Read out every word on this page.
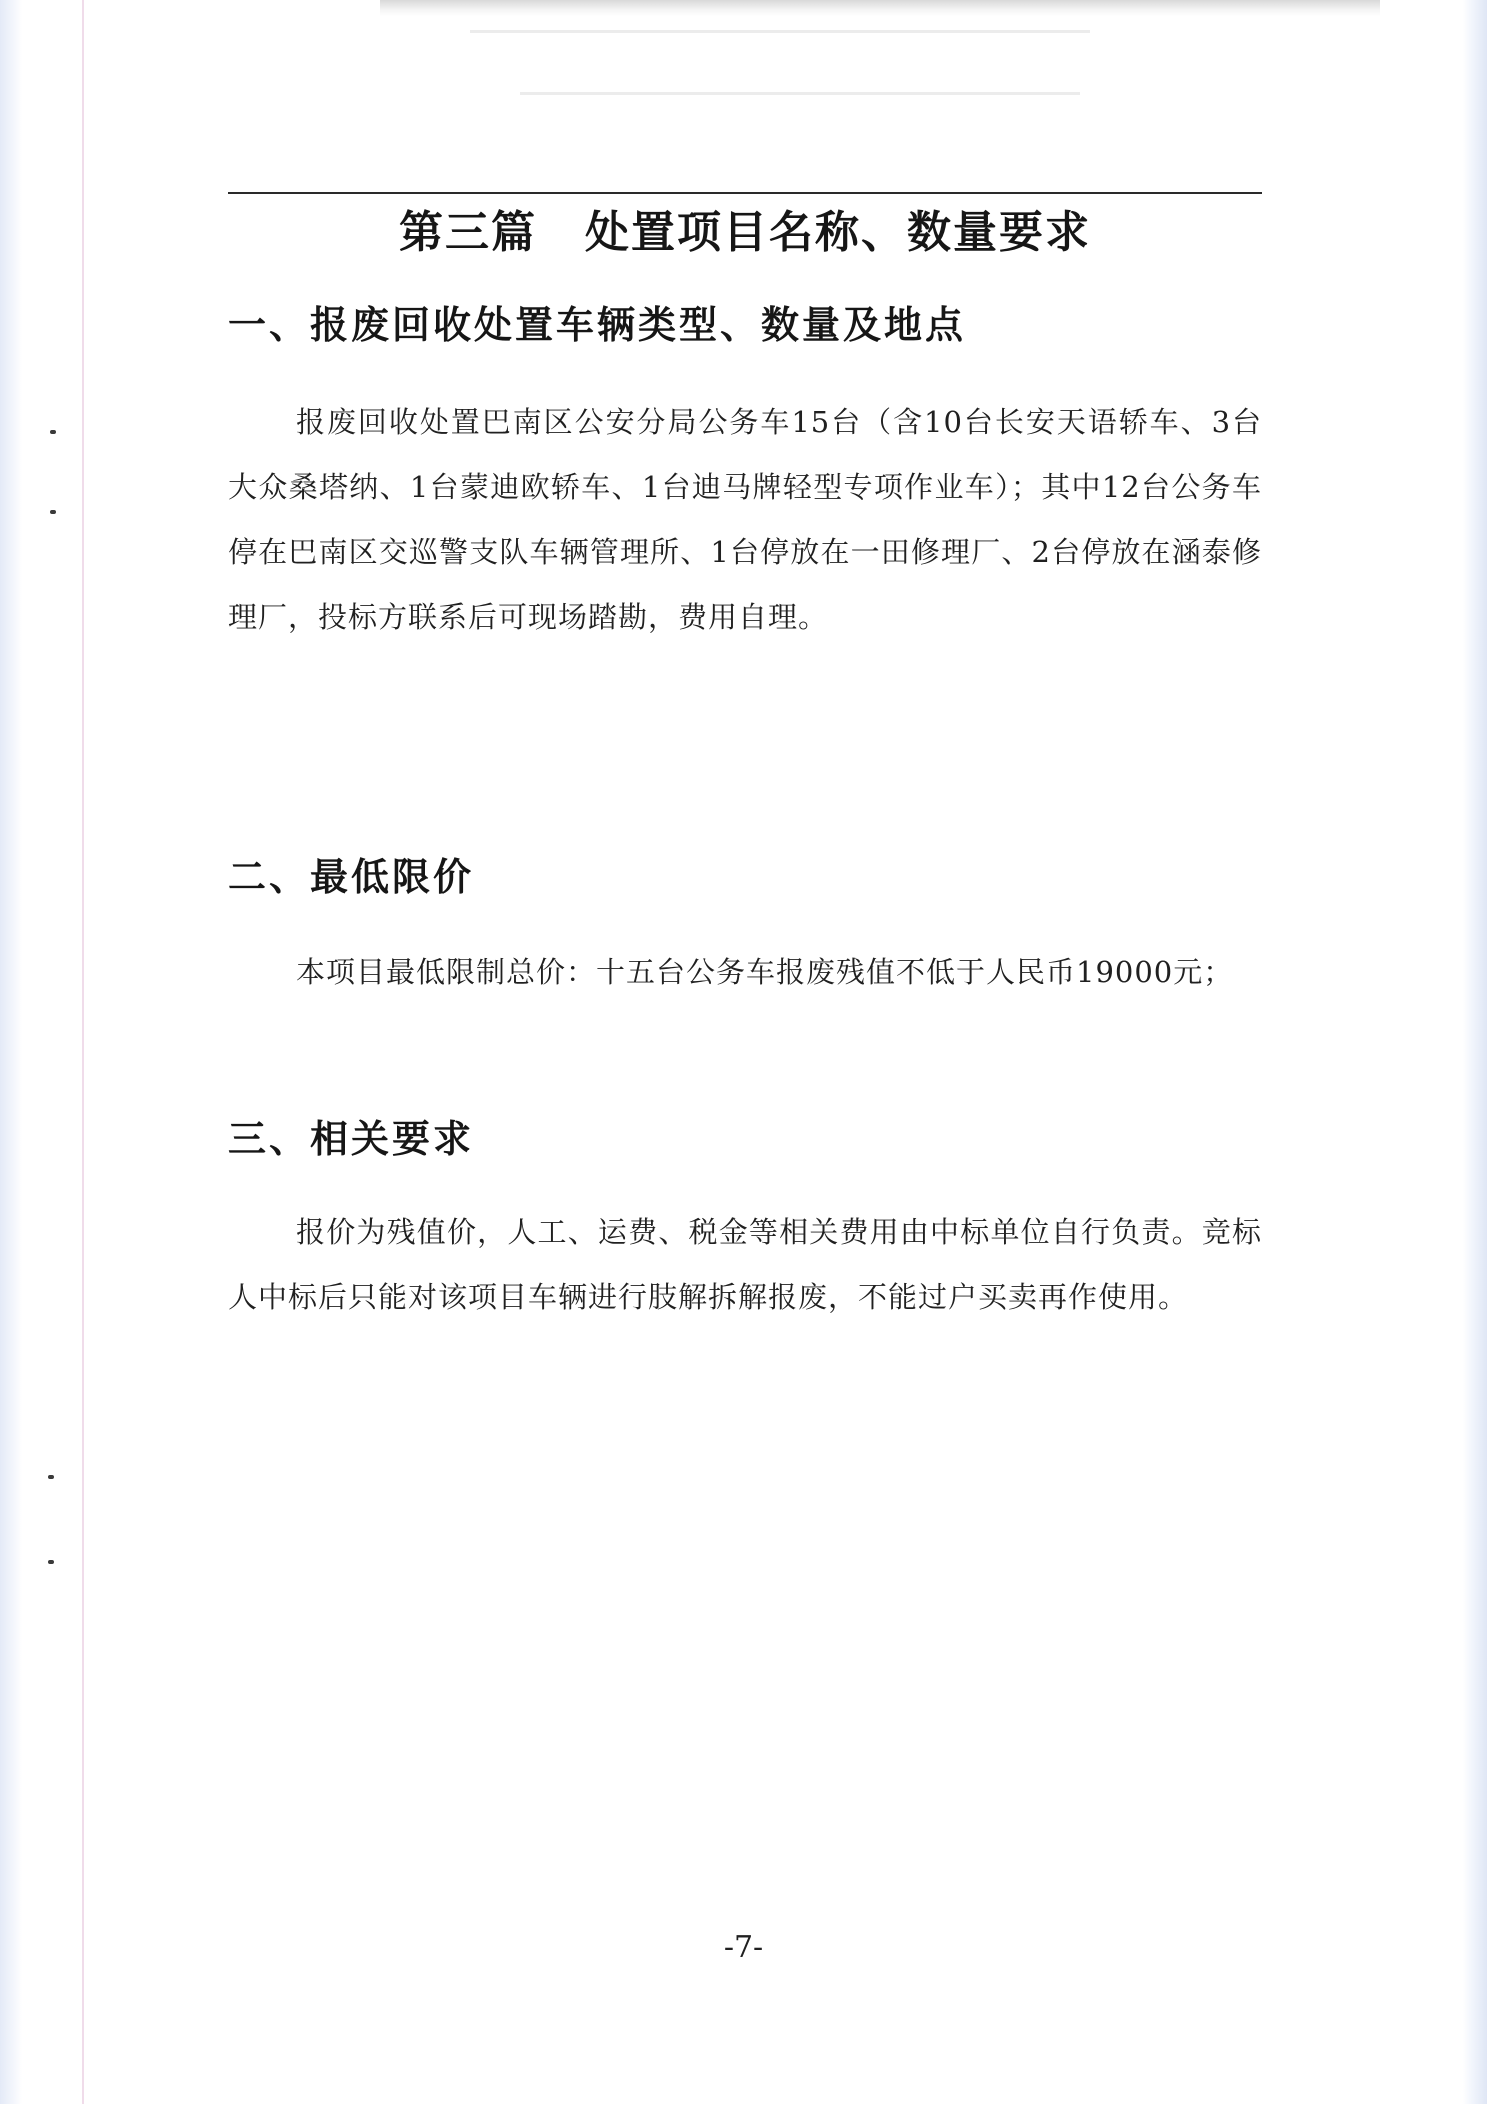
第三篇 处置项目名称、数量要求
一、报废回收处置车辆类型、数量及地点
报废回收处置巴南区公安分局公务车15台（含10台长安天语轿车、3台大众桑塔纳、1台蒙迪欧轿车、1台迪马牌轻型专项作业车）；其中12台公务车停在巴南区交巡警支队车辆管理所、1台停放在一田修理厂、2台停放在涵泰修理厂，投标方联系后可现场踏勘，费用自理。
二、最低限价
本项目最低限制总价：十五台公务车报废残值不低于人民币19000元；
三、相关要求
报价为残值价，人工、运费、税金等相关费用由中标单位自行负责。竞标人中标后只能对该项目车辆进行肢解拆解报废，不能过户买卖再作使用。
-7-
